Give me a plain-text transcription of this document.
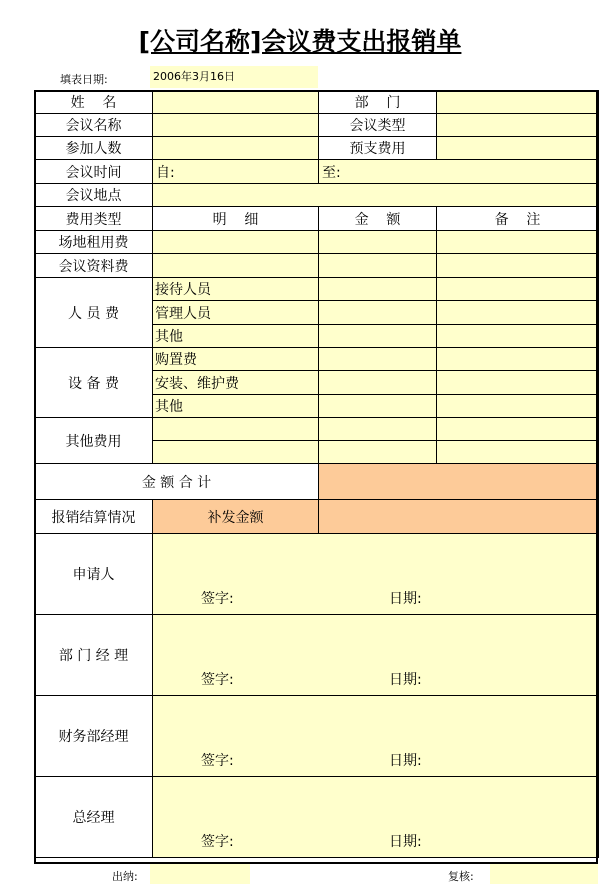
[公司名称]会议费支出报销单
填表日期:	2006年3月16日
姓    名		部    门	
会议名称		会议类型	
参加人数		预支费用	
会议时间	自:	至:	
会议地点			
费用类型	明    细	金    额	备    注
场地租用费			
会议资料费			
人 员 费	接待人员		
	管理人员		
	其他		
设 备 费	购置费		
	安装、维护费		
	其他		
其他费用			

金 额 合 计			
报销结算情况	补发金额		
申请人	签字: 日期:		

部 门 经 理	签字: 日期:		

财务部经理	签字: 日期:		

总经理	签字: 日期:		
出纳:	复核:
